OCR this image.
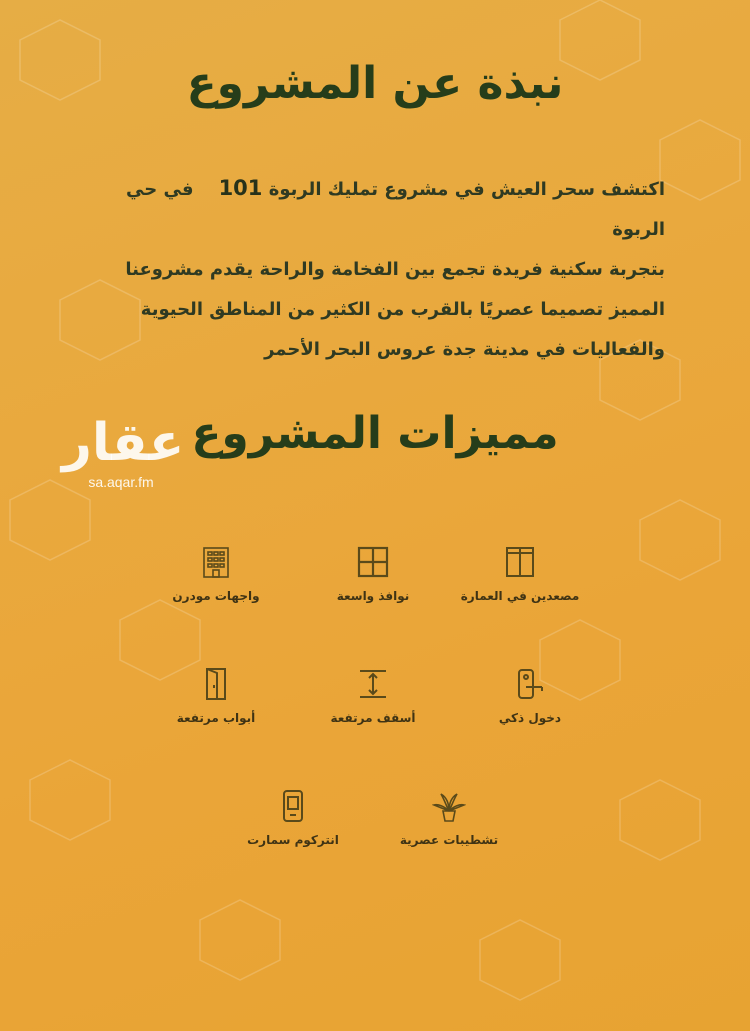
نبذة عن المشروع
اكتشف سحر العيش في مشروع تمليك الربوة 101    في حي الربوة
بتجربة سكنية فريدة تجمع بين الفخامة والراحة يقدم مشروعنا
المميز تصميما عصريًا بالقرب من الكثير من المناطق الحيوية
والفعاليات في مدينة جدة عروس البحر الأحمر
مميزات المشروع
عقار
sa.aqar.fm
مصعدين في العمارة
نوافذ واسعة
واجهات مودرن
دخول ذكي
أسقف مرتفعة
أبواب مرتفعة
تشطيبات عصرية
انتركوم سمارت
